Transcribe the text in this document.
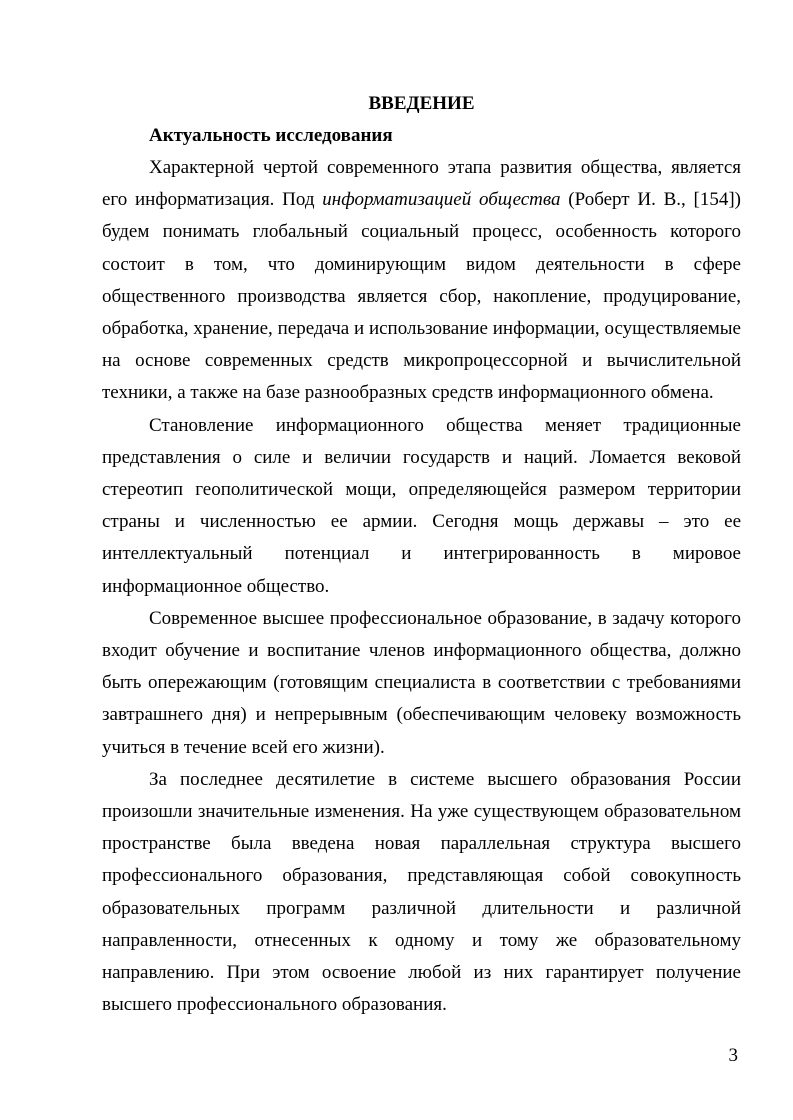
ВВЕДЕНИЕ

Актуальность исследования

Характерной чертой современного этапа развития общества, является его информатизация. Под информатизацией общества (Роберт И. В., [154]) будем понимать глобальный социальный процесс, особенность которого состоит в том, что доминирующим видом деятельности в сфере общественного производства является сбор, накопление, продуцирование, обработка, хранение, передача и использование информации, осуществляемые на основе современных средств микропроцессорной и вычислительной техники, а также на базе разнообразных средств информационного обмена.

Становление информационного общества меняет традиционные представления о силе и величии государств и наций. Ломается вековой стереотип геополитической мощи, определяющейся размером территории страны и численностью ее армии. Сегодня мощь державы – это ее интеллектуальный потенциал и интегрированность в мировое информационное общество.

Современное высшее профессиональное образование, в задачу которого входит обучение и воспитание членов информационного общества, должно быть опережающим (готовящим специалиста в соответствии с требованиями завтрашнего дня) и непрерывным (обеспечивающим человеку возможность учиться в течение всей его жизни).

За последнее десятилетие в системе высшего образования России произошли значительные изменения. На уже существующем образовательном пространстве была введена новая параллельная структура высшего профессионального образования, представляющая собой совокупность образовательных программ различной длительности и различной направленности, отнесенных к одному и тому же образовательному направлению. При этом освоение любой из них гарантирует получение высшего профессионального образования.

3
